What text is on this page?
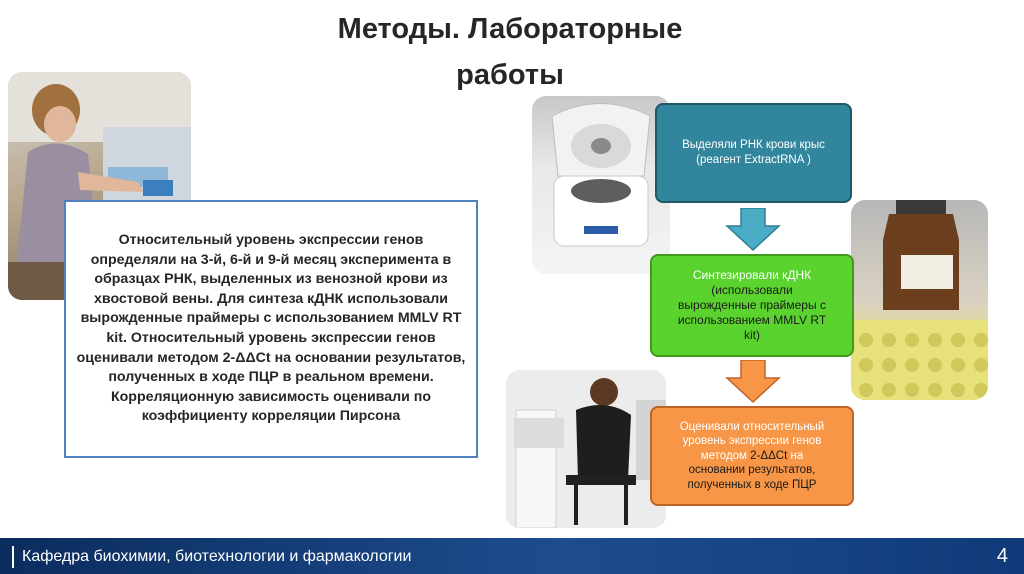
Методы. Лабораторные
работы

Относительный уровень экспрессии генов определяли на 3-й, 6-й и 9-й месяц эксперимента в образцах РНК, выделенных из венозной крови из хвостовой вены. Для синтеза кДНК использовали вырожденные праймеры с использованием MMLV RT kit. Относительный уровень экспрессии генов оценивали методом 2-ΔΔCt на основании результатов, полученных в ходе ПЦР в реальном времени. Корреляционную зависимость оценивали по коэффициенту корреляции Пирсона

Выделяли РНК крови крыс
(реагент ExtractRNA )
Синтезировали кДНК
(использовали
вырожденные праймеры с
использованием MMLV RT
kit)
Оценивали относительный
уровень экспрессии генов
методом 2-ΔΔCt на
основании результатов,
полученных в ходе ПЦР
Кафедра биохимии, биотехнологии и фармакологии	4
